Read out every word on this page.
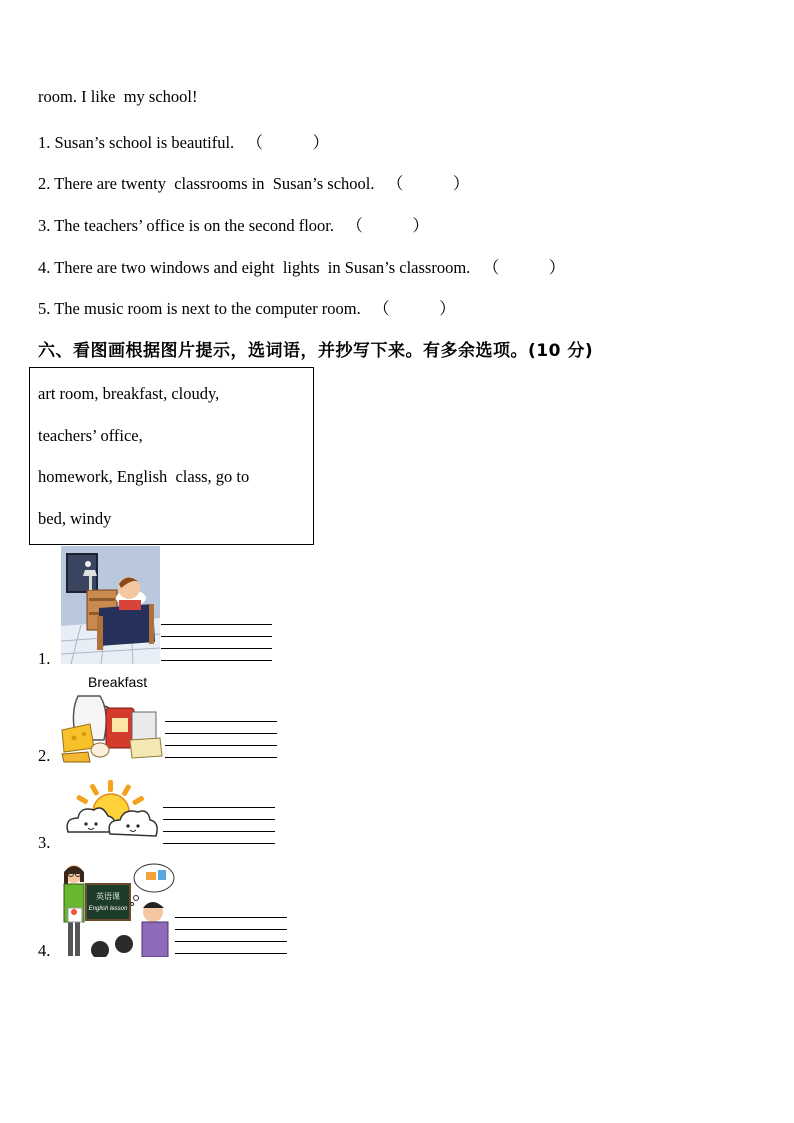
room. I like  my school!
1. Susan’s school is beautiful. （            ）
2. There are twenty  classrooms in  Susan’s school. （            ）
3. The teachers’ office is on the second floor. （            ）
4. There are two windows and eight  lights  in Susan’s classroom. （            ）
5. The music room is next to the computer room. （            ）
六、看图画根据图片提示，选词语，并抄写下来。有多余选项。(10 分)
art room, breakfast, cloudy,
teachers’ office,
homework, English  class, go to
bed, windy
1.
Breakfast
2.
3.
4.
英语课
English lesson
